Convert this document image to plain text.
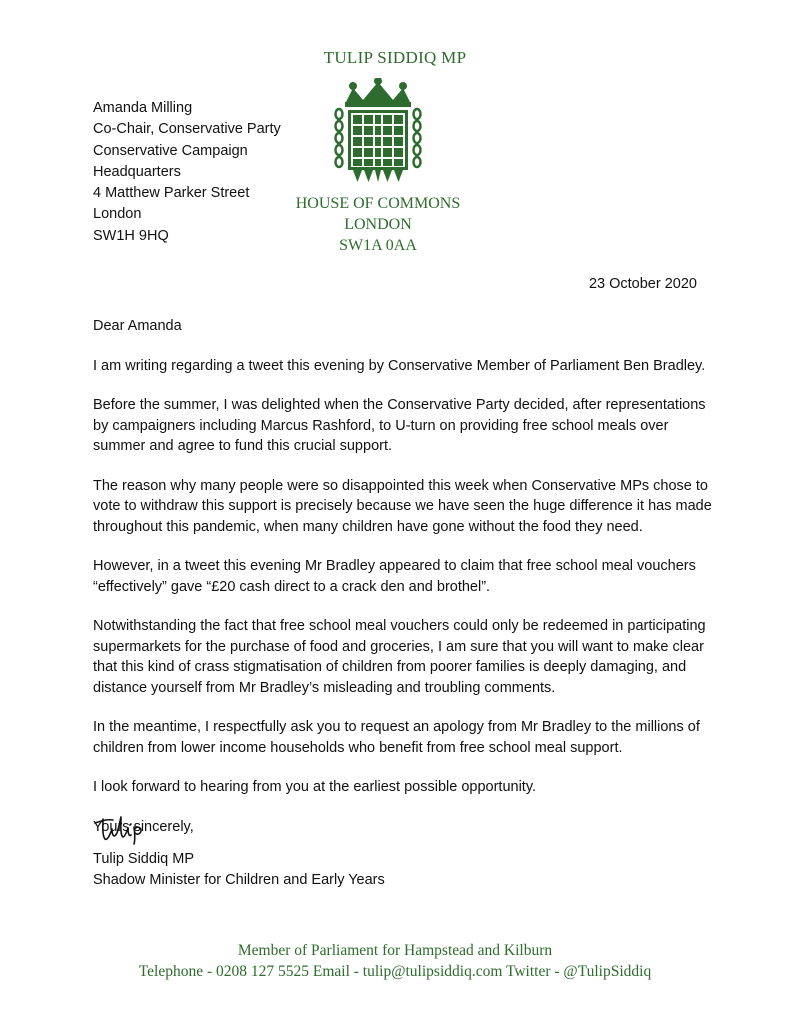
TULIP SIDDIQ MP
HOUSE OF COMMONS
LONDON
SW1A 0AA
Amanda Milling
Co-Chair, Conservative Party
Conservative Campaign
Headquarters
4 Matthew Parker Street
London
SW1H 9HQ
23 October 2020

Dear Amanda

I am writing regarding a tweet this evening by Conservative Member of Parliament Ben Bradley.

Before the summer, I was delighted when the Conservative Party decided, after representations by campaigners including Marcus Rashford, to U-turn on providing free school meals over summer and agree to fund this crucial support.

The reason why many people were so disappointed this week when Conservative MPs chose to vote to withdraw this support is precisely because we have seen the huge difference it has made throughout this pandemic, when many children have gone without the food they need.

However, in a tweet this evening Mr Bradley appeared to claim that free school meal vouchers “effectively” gave “£20 cash direct to a crack den and brothel”.

Notwithstanding the fact that free school meal vouchers could only be redeemed in participating supermarkets for the purchase of food and groceries, I am sure that you will want to make clear that this kind of crass stigmatisation of children from poorer families is deeply damaging, and distance yourself from Mr Bradley’s misleading and troubling comments.

In the meantime, I respectfully ask you to request an apology from Mr Bradley to the millions of children from lower income households who benefit from free school meal support.

I look forward to hearing from you at the earliest possible opportunity.

Yours sincerely,

Tulip Siddiq MP
Shadow Minister for Children and Early Years
Member of Parliament for Hampstead and Kilburn
Telephone - 0208 127 5525 Email - tulip@tulipsiddiq.com Twitter - @TulipSiddiq
